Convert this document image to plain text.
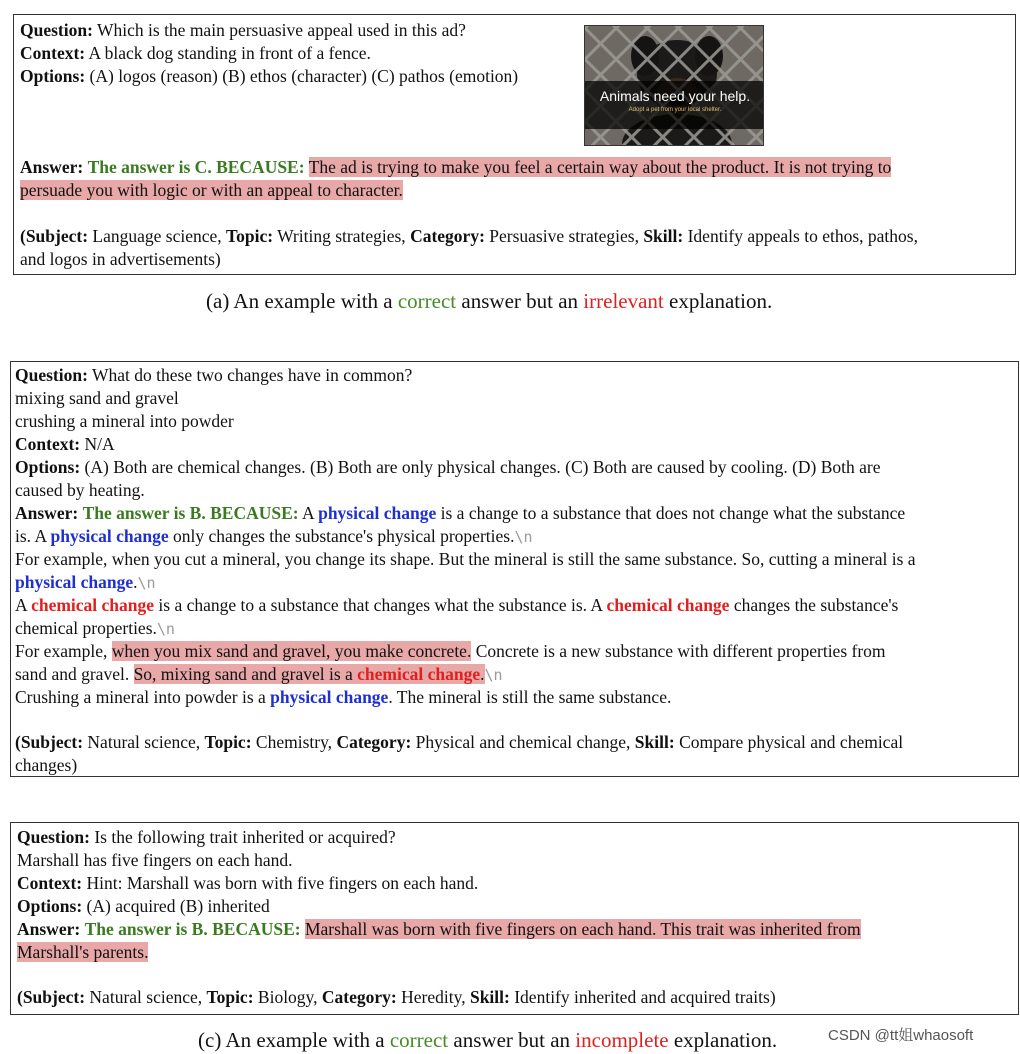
Question: Which is the main persuasive appeal used in this ad?
Context: A black dog standing in front of a fence.
Options: (A) logos (reason) (B) ethos (character) (C) pathos (emotion)
Animals need your help.
Adopt a pet from your local shelter.
Answer: The answer is C. BECAUSE: The ad is trying to make you feel a certain way about the product. It is not trying to
persuade you with logic or with an appeal to character.
(Subject: Language science, Topic: Writing strategies, Category: Persuasive strategies, Skill: Identify appeals to ethos, pathos,
and logos in advertisements)
(a) An example with a correct answer but an irrelevant explanation.
Question: What do these two changes have in common?
mixing sand and gravel
crushing a mineral into powder
Context: N/A
Options: (A) Both are chemical changes. (B) Both are only physical changes. (C) Both are caused by cooling. (D) Both are
caused by heating.
Answer: The answer is B. BECAUSE: A physical change is a change to a substance that does not change what the substance
is. A physical change only changes the substance's physical properties.\n
For example, when you cut a mineral, you change its shape. But the mineral is still the same substance. So, cutting a mineral is a
physical change.\n
A chemical change is a change to a substance that changes what the substance is. A chemical change changes the substance's
chemical properties.\n
For example, when you mix sand and gravel, you make concrete. Concrete is a new substance with different properties from
sand and gravel. So, mixing sand and gravel is a chemical change.\n
Crushing a mineral into powder is a physical change. The mineral is still the same substance.
(Subject: Natural science, Topic: Chemistry, Category: Physical and chemical change, Skill: Compare physical and chemical
changes)
Question: Is the following trait inherited or acquired?
Marshall has five fingers on each hand.
Context: Hint: Marshall was born with five fingers on each hand.
Options: (A) acquired (B) inherited
Answer: The answer is B. BECAUSE: Marshall was born with five fingers on each hand. This trait was inherited from
Marshall's parents.
(Subject: Natural science, Topic: Biology, Category: Heredity, Skill: Identify inherited and acquired traits)
(c) An example with a correct answer but an incomplete explanation.	CSDN @tt姐whaosoft
